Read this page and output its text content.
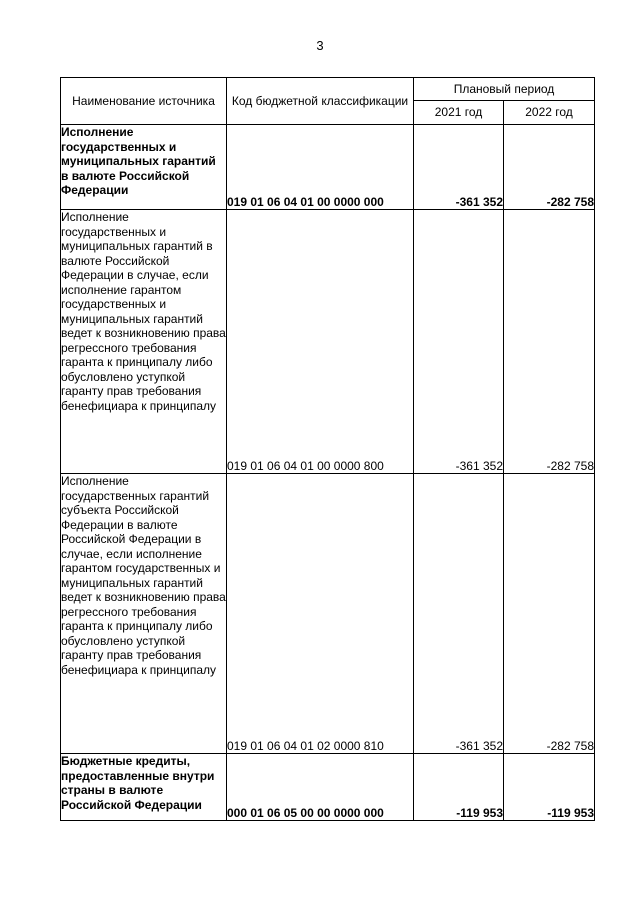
3
Наименование источника	Код бюджетной классификации	Плановый период	
		2021 год	2022 год
Исполнение государственных и муниципальных гарантий в валюте Российской Федерации	019 01 06 04 01 00 0000 000	-361 352	-282 758
Исполнение государственных и муниципальных гарантий в валюте Российской Федерации в случае, если исполнение гарантом государственных и муниципальных гарантий ведет к возникновению права регрессного требования гаранта к принципалу либо обусловлено уступкой гаранту прав требования бенефициара к принципалу	019 01 06 04 01 00 0000 800	-361 352	-282 758
Исполнение государственных гарантий субъекта Российской Федерации в валюте Российской Федерации в случае, если исполнение гарантом государственных и муниципальных гарантий ведет к возникновению права регрессного требования гаранта к принципалу либо обусловлено уступкой гаранту прав требования бенефициара к принципалу	019 01 06 04 01 02 0000 810	-361 352	-282 758
Бюджетные кредиты, предоставленные внутри страны в валюте Российской Федерации	000 01 06 05 00 00 0000 000	-119 953	-119 953
